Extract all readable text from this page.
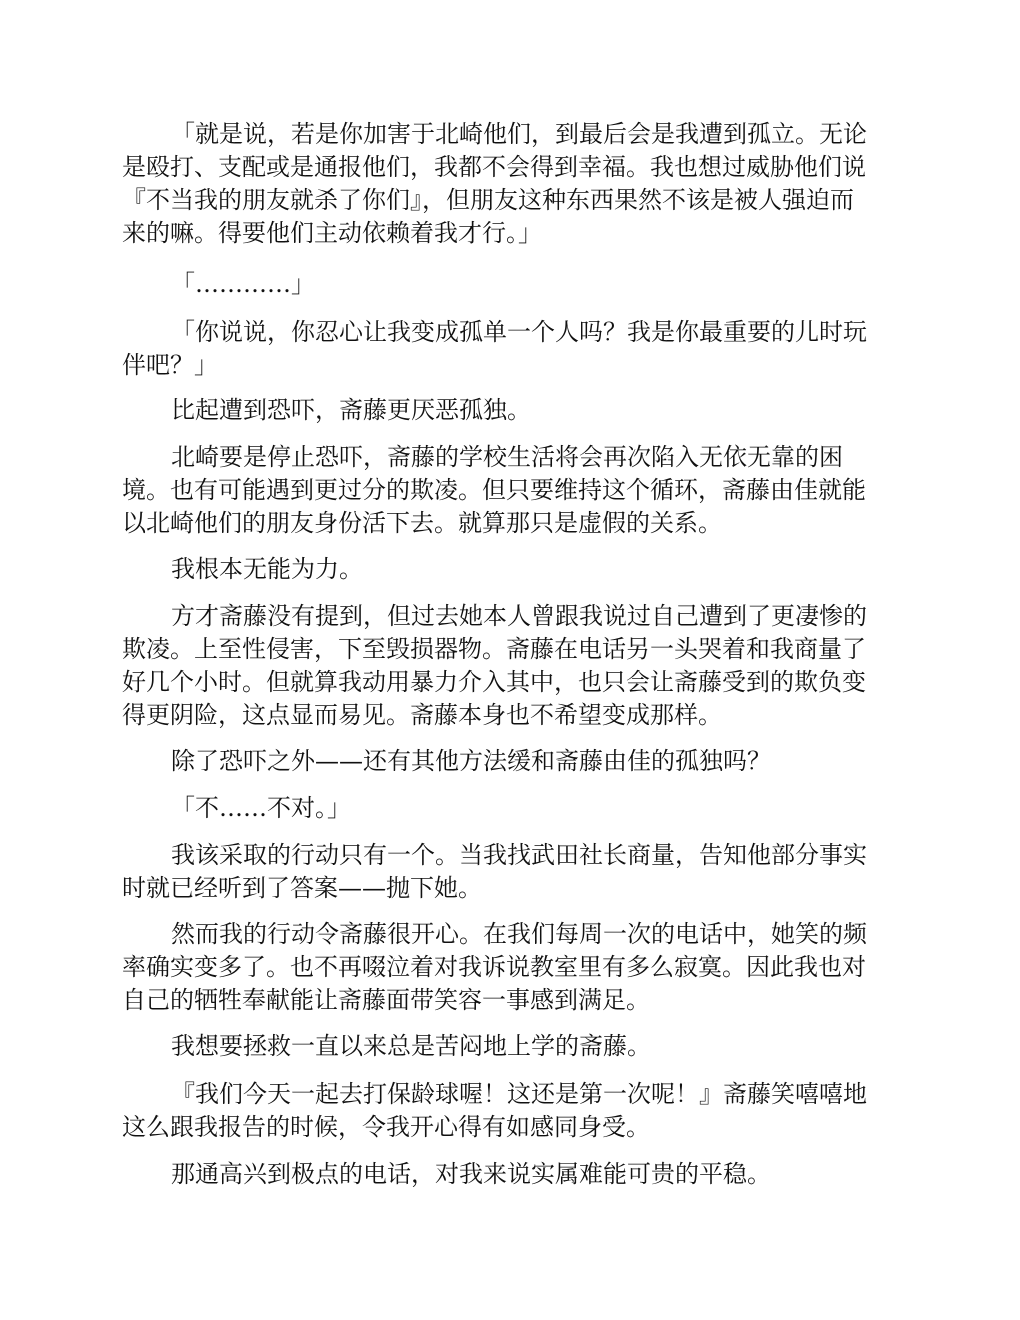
「就是说，若是你加害于北崎他们，到最后会是我遭到孤立。无论
是殴打、支配或是通报他们，我都不会得到幸福。我也想过威胁他们说
『不当我的朋友就杀了你们』，但朋友这种东西果然不该是被人强迫而
来的嘛。得要他们主动依赖着我才行。」

「…………」

「你说说，你忍心让我变成孤单一个人吗？我是你最重要的儿时玩
伴吧？」

比起遭到恐吓，斋藤更厌恶孤独。

北崎要是停止恐吓，斋藤的学校生活将会再次陷入无依无靠的困
境。也有可能遇到更过分的欺凌。但只要维持这个循环，斋藤由佳就能
以北崎他们的朋友身份活下去。就算那只是虚假的关系。

我根本无能为力。

方才斋藤没有提到，但过去她本人曾跟我说过自己遭到了更凄惨的
欺凌。上至性侵害，下至毁损器物。斋藤在电话另一头哭着和我商量了
好几个小时。但就算我动用暴力介入其中，也只会让斋藤受到的欺负变
得更阴险，这点显而易见。斋藤本身也不希望变成那样。

除了恐吓之外——还有其他方法缓和斋藤由佳的孤独吗？

「不……不对。」

我该采取的行动只有一个。当我找武田社长商量，告知他部分事实
时就已经听到了答案——抛下她。

然而我的行动令斋藤很开心。在我们每周一次的电话中，她笑的频
率确实变多了。也不再啜泣着对我诉说教室里有多么寂寞。因此我也对
自己的牺牲奉献能让斋藤面带笑容一事感到满足。

我想要拯救一直以来总是苦闷地上学的斋藤。

『我们今天一起去打保龄球喔！这还是第一次呢！』斋藤笑嘻嘻地
这么跟我报告的时候，令我开心得有如感同身受。

那通高兴到极点的电话，对我来说实属难能可贵的平稳。
